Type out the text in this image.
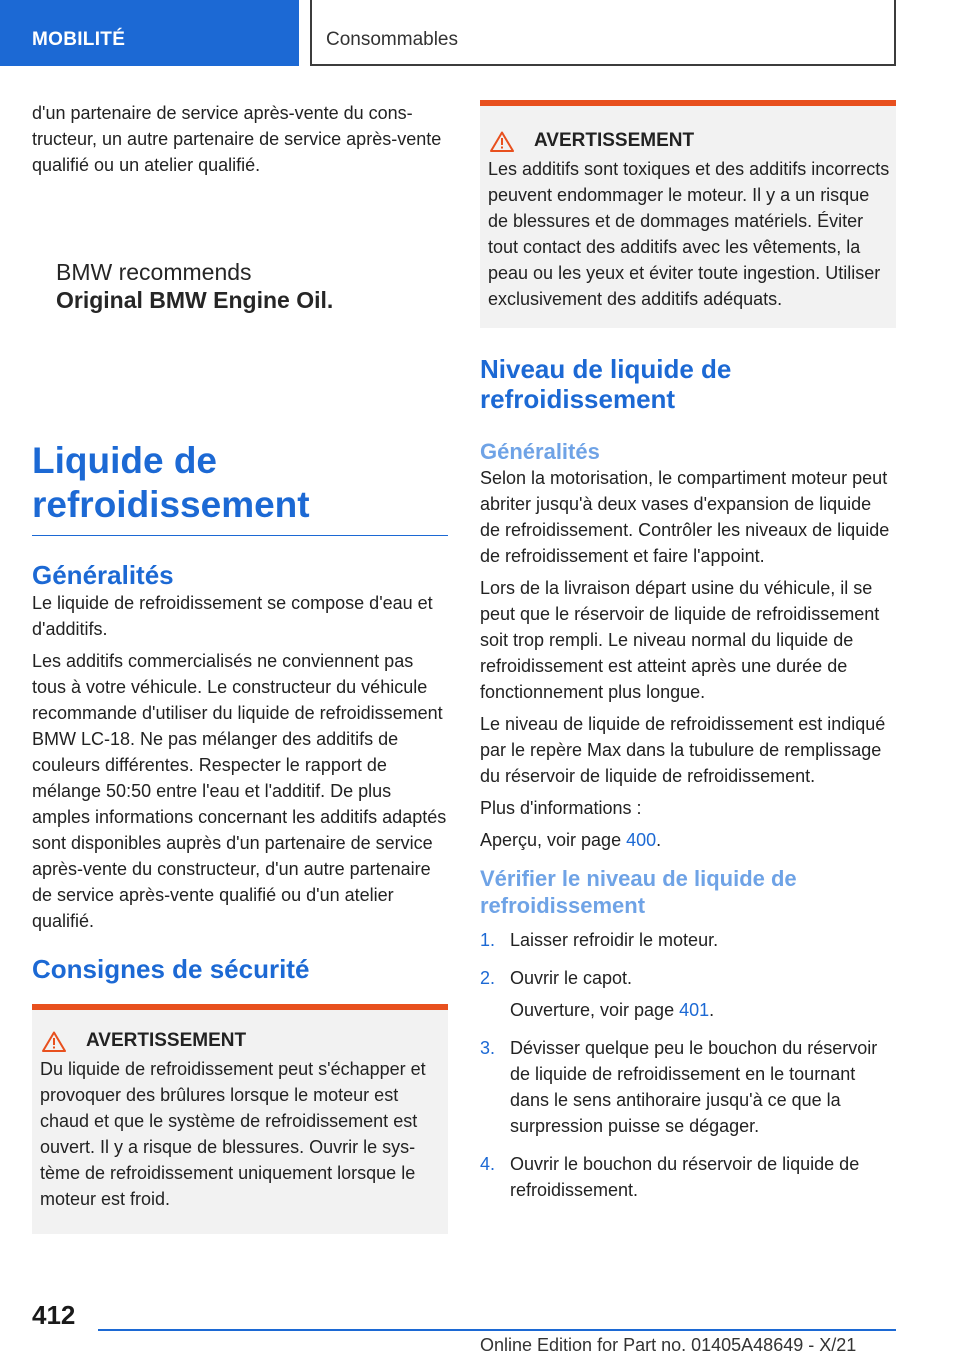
MOBILITÉ	Consommables

d'un partenaire de service après-vente du constructeur, un autre partenaire de service après-vente qualifié ou un atelier qualifié.

BMW recommends
Original BMW Engine Oil.
Liquide de refroidissement
Généralités

Le liquide de refroidissement se compose d'eau et d'additifs.

Les additifs commercialisés ne conviennent pas tous à votre véhicule. Le constructeur du véhicule recommande d'utiliser du liquide de refroidissement BMW LC-18. Ne pas mélanger des additifs de couleurs différentes. Respecter le rapport de mélange 50:50 entre l'eau et l'additif. De plus amples informations concernant les additifs adaptés sont disponibles auprès d'un partenaire de service après-vente du constructeur, d'un autre partenaire de service après-vente qualifié ou d'un atelier qualifié.

Consignes de sécurité
AVERTISSEMENT

Du liquide de refroidissement peut s'échapper et provoquer des brûlures lorsque le moteur est chaud et que le système de refroidissement est ouvert. Il y a risque de blessures. Ouvrir le système de refroidissement uniquement lorsque le moteur est froid.

AVERTISSEMENT

Les additifs sont toxiques et des additifs incorrects peuvent endommager le moteur. Il y a un risque de blessures et de dommages matériels. Éviter tout contact des additifs avec les vêtements, la peau ou les yeux et éviter toute ingestion. Utiliser exclusivement des additifs adéquats.

Niveau de liquide de refroidissement
Généralités

Selon la motorisation, le compartiment moteur peut abriter jusqu'à deux vases d'expansion de liquide de refroidissement. Contrôler les niveaux de liquide de refroidissement et faire l'appoint.

Lors de la livraison départ usine du véhicule, il se peut que le réservoir de liquide de refroidissement soit trop rempli. Le niveau normal du liquide de refroidissement est atteint après une durée de fonctionnement plus longue.

Le niveau de liquide de refroidissement est indiqué par le repère Max dans la tubulure de remplissage du réservoir de liquide de refroidissement.

Plus d'informations :

Aperçu, voir page 400.

Vérifier le niveau de liquide de refroidissement
1. Laisser refroidir le moteur.

2. Ouvrir le capot.

Ouverture, voir page 401.

3. Dévisser quelque peu le bouchon du réservoir de liquide de refroidissement en le tournant dans le sens antihoraire jusqu'à ce que la surpression puisse se dégager.

4. Ouvrir le bouchon du réservoir de liquide de refroidissement.

412
Online Edition for Part no. 01405A48649 - X/21
